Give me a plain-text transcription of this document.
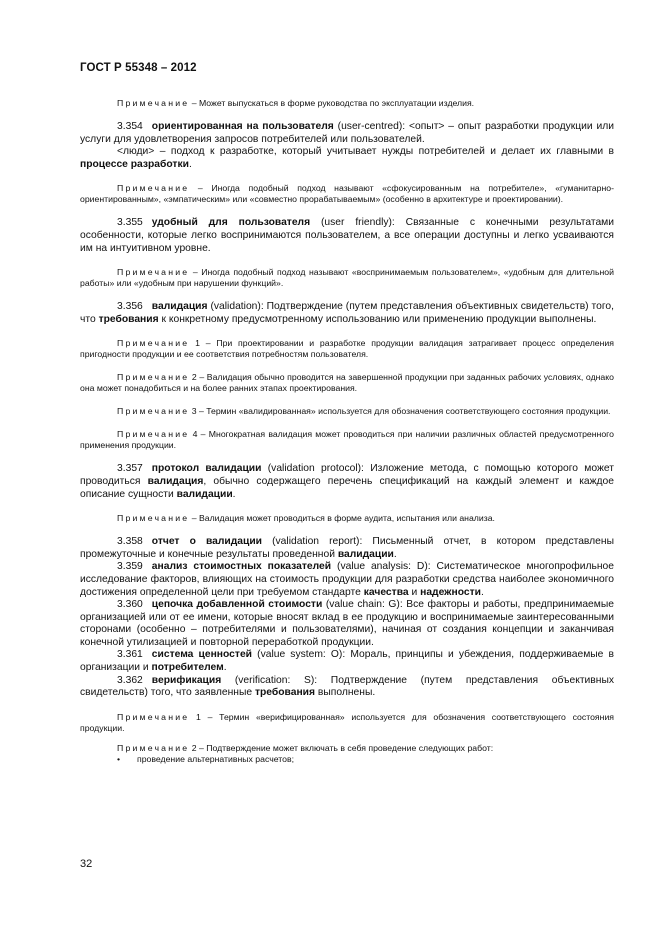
ГОСТ Р 55348 – 2012

Примечание – Может выпускаться в форме руководства по эксплуатации изделия.

3.354 ориентированная на пользователя (user-centred): <опыт> – опыт разработки продукции или услуги для удовлетворения запросов потребителей или пользователей.

<люди> – подход к разработке, который учитывает нужды потребителей и делает их главными в процессе разработки.

Примечание – Иногда подобный подход называют «сфокусированным на потребителе», «гуманитарно-ориентированным», «эмпатическим» или «совместно прорабатываемым» (особенно в архитектуре и проектировании).

3.355 удобный для пользователя (user friendly): Связанные с конечными результатами особенности, которые легко воспринимаются пользователем, а все операции доступны и легко усваиваются им на интуитивном уровне.

Примечание – Иногда подобный подход называют «воспринимаемым пользователем», «удобным для длительной работы» или «удобным при нарушении функций».

3.356 валидация (validation): Подтверждение (путем представления объективных свидетельств) того, что требования к конкретному предусмотренному использованию или применению продукции выполнены.

Примечание 1 – При проектировании и разработке продукции валидация затрагивает процесс определения пригодности продукции и ее соответствия потребностям пользователя.

Примечание 2 – Валидация обычно проводится на завершенной продукции при заданных рабочих условиях, однако она может понадобиться и на более ранних этапах проектирования.

Примечание 3 – Термин «валидированная» используется для обозначения соответствующего состояния продукции.

Примечание 4 – Многократная валидация может проводиться при наличии различных областей предусмотренного применения продукции.

3.357 протокол валидации (validation protocol): Изложение метода, с помощью которого может проводиться валидация, обычно содержащего перечень спецификаций на каждый элемент и каждое описание сущности валидации.

Примечание – Валидация может проводиться в форме аудита, испытания или анализа.

3.358 отчет о валидации (validation report): Письменный отчет, в котором представлены промежуточные и конечные результаты проведенной валидации.

3.359 анализ стоимостных показателей (value analysis: D): Систематическое многопрофильное исследование факторов, влияющих на стоимость продукции для разработки средства наиболее экономичного достижения определенной цели при требуемом стандарте качества и надежности.

3.360 цепочка добавленной стоимости (value chain: G): Все факторы и работы, предпринимаемые организацией или от ее имени, которые вносят вклад в ее продукцию и воспринимаемые заинтересованными сторонами (особенно – потребителями и пользователями), начиная от создания концепции и заканчивая конечной утилизацией и повторной переработкой продукции.

3.361 система ценностей (value system: O): Мораль, принципы и убеждения, поддерживаемые в организации и потребителем.

3.362 верификация (verification: S): Подтверждение (путем представления объективных свидетельств) того, что заявленные требования выполнены.

Примечание 1 – Термин «верифицированная» используется для обозначения соответствующего состояния продукции.

Примечание 2 – Подтверждение может включать в себя проведение следующих работ:

• проведение альтернативных расчетов;

32
